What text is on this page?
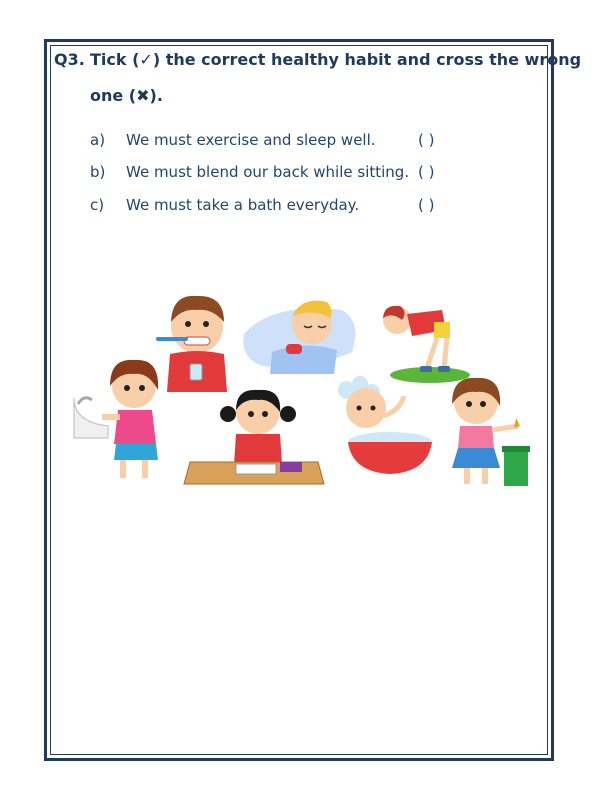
Q3. Tick (✓) the correct healthy habit and cross the wrong
one (✖).
a) We must exercise and sleep well.	( )
b) We must blend our back while sitting. ( )
c) We must take a bath everyday.	( )
